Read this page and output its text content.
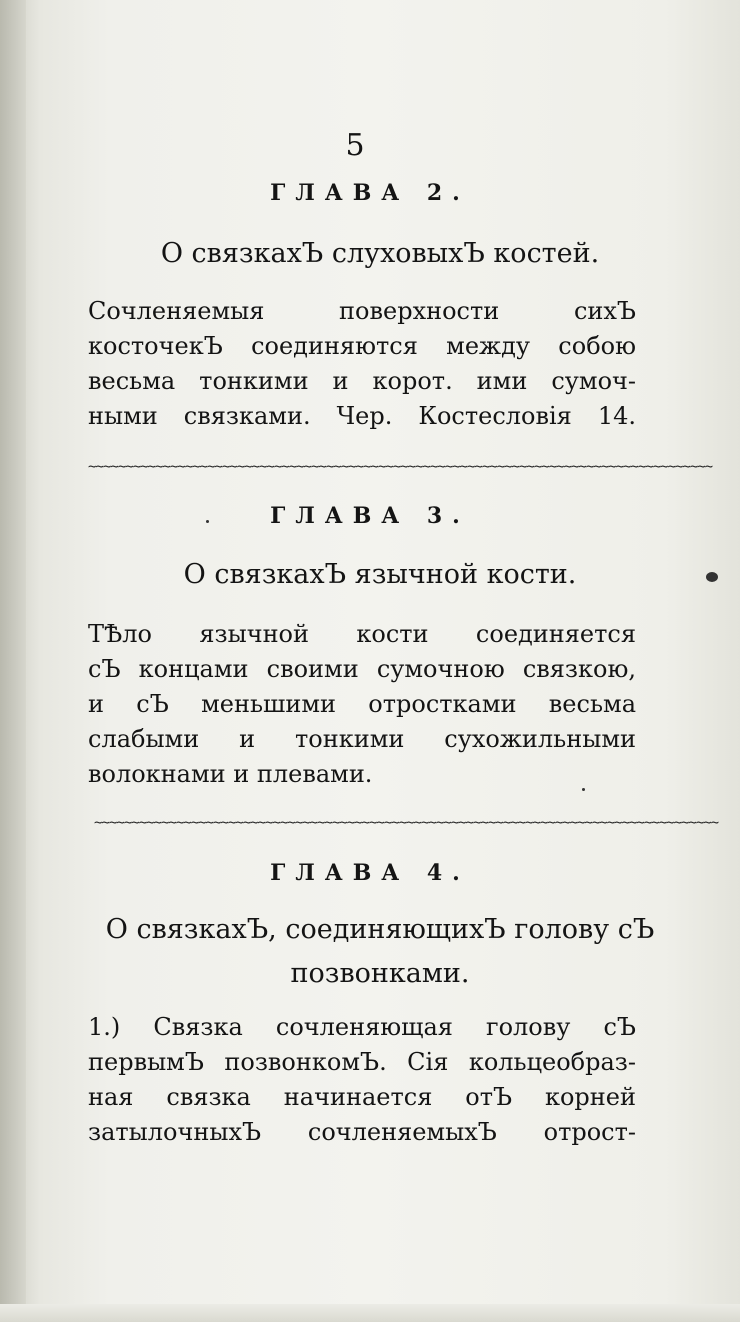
5
ГЛАВА 2.
О связкахЪ слуховыхЪ костей.
Сочленяемыя поверхности сихЪ
косточекЪ соединяются между собою
весьма тонкими и корот. ими сумоч-
ными связками. Чер. Костесловія 14.
~~~~~~~~~~~~~~~~~~~~~~~~~~~~~~~~~~~~~~~~~~~~~~~~~~~~~~~~~~~~~~~~~~~~~~~~~~~~~~~~~~~~
ГЛАВА 3.
О связкахЪ язычной кости.
ТѢло язычной кости соединяется
сЪ концами своими сумочною связкою,
и сЪ меньшими отростками весьма
слабыми и тонкими сухожильными
волокнами и плевами.
~~~~~~~~~~~~~~~~~~~~~~~~~~~~~~~~~~~~~~~~~~~~~~~~~~~~~~~~~~~~~~~~~~~~~~~~~~~~~~~~~~~~
ГЛАВА 4.
О связкахЪ, соединяющихЪ голову сЪ
позвонками.
1.) Связка сочленяющая голову сЪ
первымЪ позвонкомЪ. Сія кольцеобраз-
ная связка начинается отЪ корней
затылочныхЪ сочленяемыхЪ отрост-
